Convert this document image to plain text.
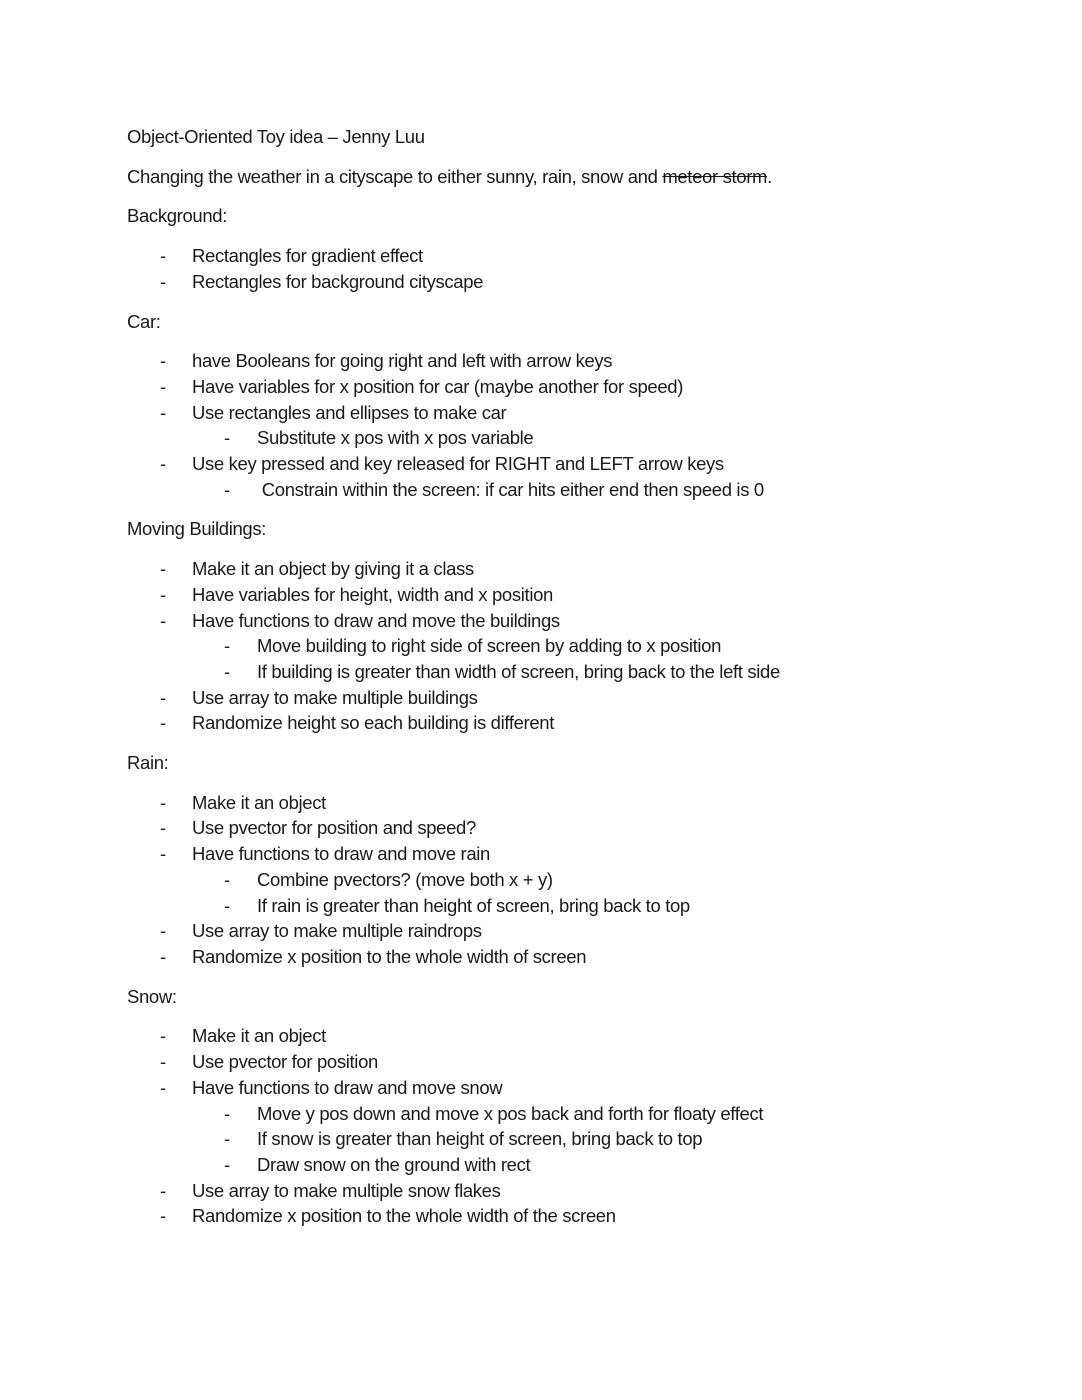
Object-Oriented Toy idea – Jenny Luu

Changing the weather in a cityscape to either sunny, rain, snow and meteor storm.

Background:

- Rectangles for gradient effect
- Rectangles for background cityscape

Car:

- have Booleans for going right and left with arrow keys
- Have variables for x position for car (maybe another for speed)
- Use rectangles and ellipses to make car
- Substitute x pos with x pos variable
- Use key pressed and key released for RIGHT and LEFT arrow keys
- Constrain within the screen: if car hits either end then speed is 0

Moving Buildings:

- Make it an object by giving it a class
- Have variables for height, width and x position
- Have functions to draw and move the buildings
- Move building to right side of screen by adding to x position
- If building is greater than width of screen, bring back to the left side
- Use array to make multiple buildings
- Randomize height so each building is different

Rain:

- Make it an object
- Use pvector for position and speed?
- Have functions to draw and move rain
- Combine pvectors? (move both x + y)
- If rain is greater than height of screen, bring back to top
- Use array to make multiple raindrops
- Randomize x position to the whole width of screen

Snow:

- Make it an object
- Use pvector for position
- Have functions to draw and move snow
- Move y pos down and move x pos back and forth for floaty effect
- If snow is greater than height of screen, bring back to top
- Draw snow on the ground with rect
- Use array to make multiple snow flakes
- Randomize x position to the whole width of the screen
